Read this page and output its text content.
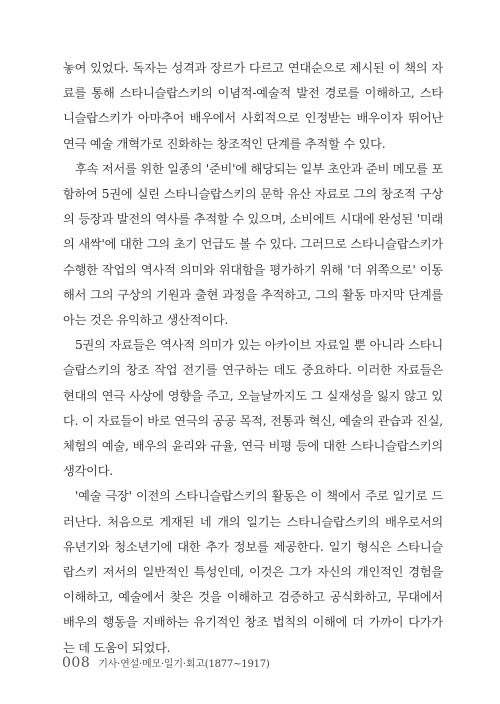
놓여 있었다. 독자는 성격과 장르가 다르고 연대순으로 제시된 이 책의 자료를 통해 스타니슬랍스키의 이념적-예술적 발전 경로를 이해하고, 스타니슬랍스키가 아마추어 배우에서 사회적으로 인정받는 배우이자 뛰어난 연극 예술 개혁가로 진화하는 창조적인 단계를 추적할 수 있다.

후속 저서를 위한 일종의 '준비'에 해당되는 일부 초안과 준비 메모를 포함하여 5권에 실린 스타니슬랍스키의 문학 유산 자료로 그의 창조적 구상의 등장과 발전의 역사를 추적할 수 있으며, 소비에트 시대에 완성된 '미래의 새싹'에 대한 그의 초기 언급도 볼 수 있다. 그러므로 스타니슬랍스키가 수행한 작업의 역사적 의미와 위대함을 평가하기 위해 '더 위쪽으로' 이동해서 그의 구상의 기원과 출현 과정을 추적하고, 그의 활동 마지막 단계를 아는 것은 유익하고 생산적이다.

5권의 자료들은 역사적 의미가 있는 아카이브 자료일 뿐 아니라 스타니슬랍스키의 창조 작업 전기를 연구하는 데도 중요하다. 이러한 자료들은 현대의 연극 사상에 영향을 주고, 오늘날까지도 그 실재성을 잃지 않고 있다. 이 자료들이 바로 연극의 공공 목적, 전통과 혁신, 예술의 관습과 진실, 체험의 예술, 배우의 윤리와 규율, 연극 비평 등에 대한 스타니슬랍스키의 생각이다.

'예술 극장' 이전의 스타니슬랍스키의 활동은 이 책에서 주로 일기로 드러난다. 처음으로 게재된 네 개의 일기는 스타니슬랍스키의 배우로서의 유년기와 청소년기에 대한 추가 정보를 제공한다. 일기 형식은 스타니슬랍스키 저서의 일반적인 특성인데, 이것은 그가 자신의 개인적인 경험을 이해하고, 예술에서 찾은 것을 이해하고 검증하고 공식화하고, 무대에서 배우의 행동을 지배하는 유기적인 창조 법칙의 이해에 더 가까이 다가가는 데 도움이 되었다.

008 기사·연설·메모·일기·회고(1877~1917)
